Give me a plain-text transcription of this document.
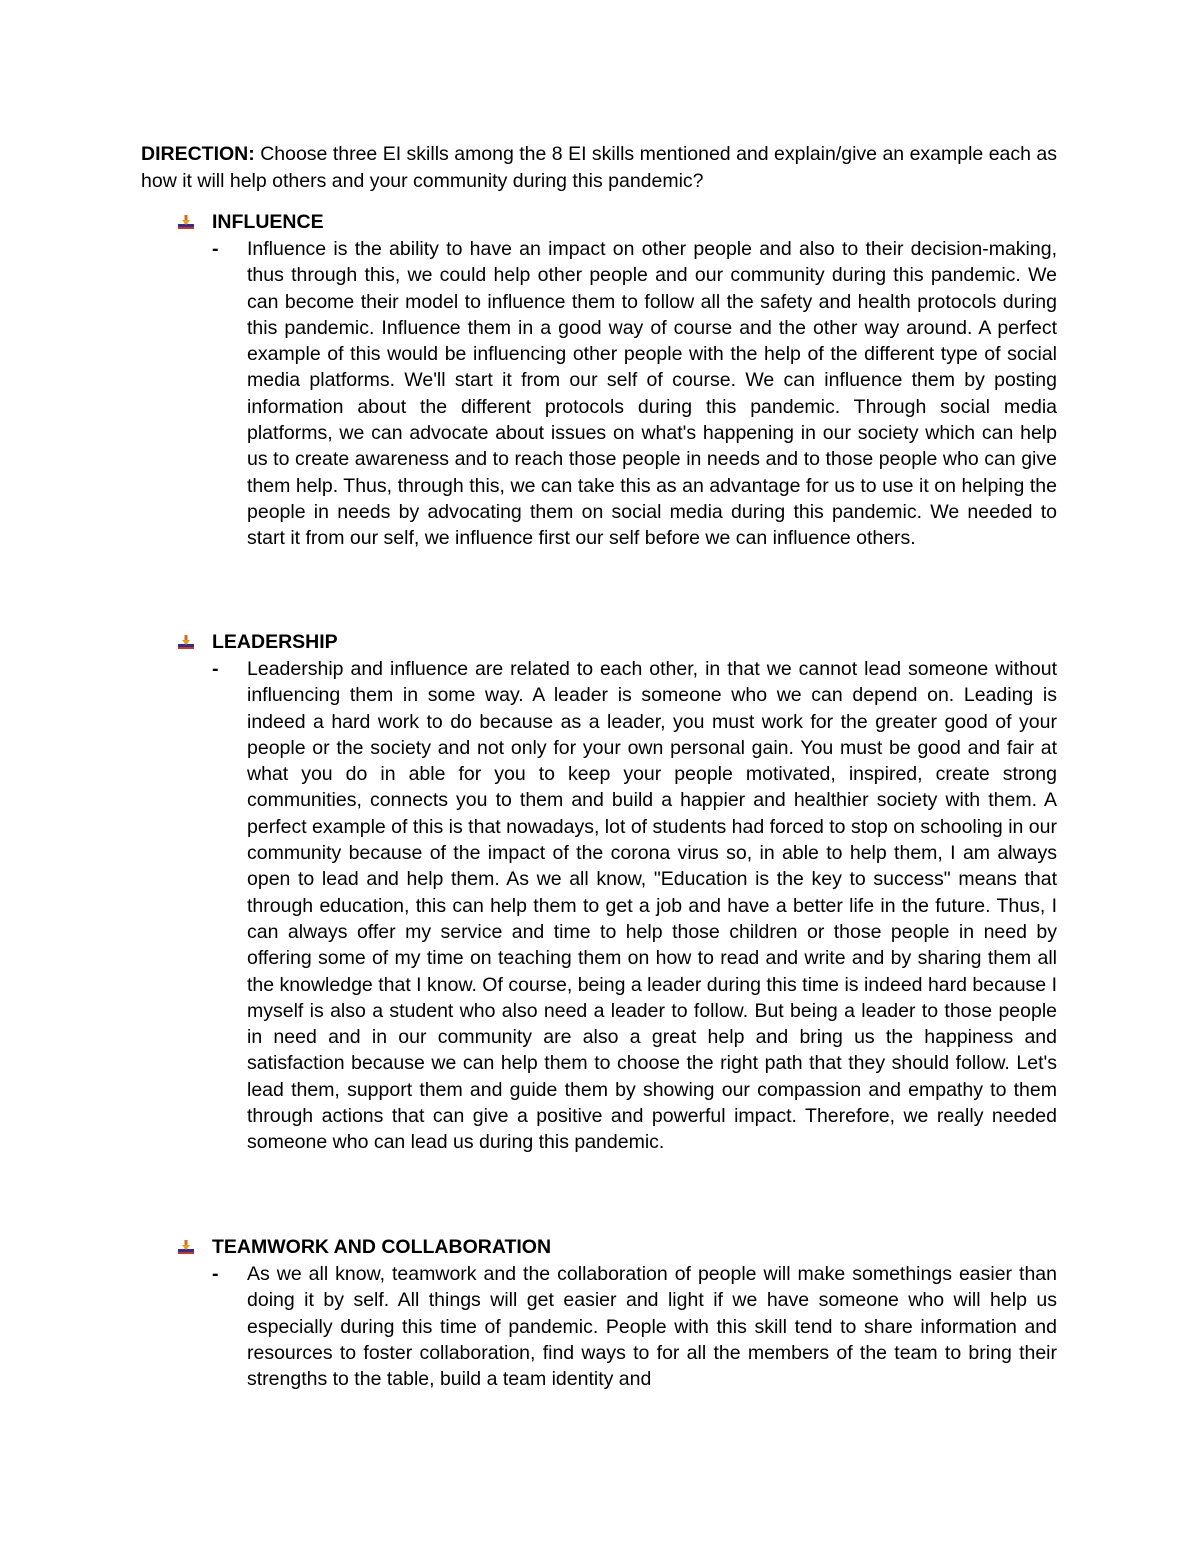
DIRECTION: Choose three EI skills among the 8 EI skills mentioned and explain/give an example each as how it will help others and your community during this pandemic?

INFLUENCE
- Influence is the ability to have an impact on other people and also to their decision-making, thus through this, we could help other people and our community during this pandemic. We can become their model to influence them to follow all the safety and health protocols during this pandemic. Influence them in a good way of course and the other way around. A perfect example of this would be influencing other people with the help of the different type of social media platforms. We'll start it from our self of course. We can influence them by posting information about the different protocols during this pandemic. Through social media platforms, we can advocate about issues on what's happening in our society which can help us to create awareness and to reach those people in needs and to those people who can give them help. Thus, through this, we can take this as an advantage for us to use it on helping the people in needs by advocating them on social media during this pandemic. We needed to start it from our self, we influence first our self before we can influence others.

LEADERSHIP
- Leadership and influence are related to each other, in that we cannot lead someone without influencing them in some way. A leader is someone who we can depend on. Leading is indeed a hard work to do because as a leader, you must work for the greater good of your people or the society and not only for your own personal gain. You must be good and fair at what you do in able for you to keep your people motivated, inspired, create strong communities, connects you to them and build a happier and healthier society with them. A perfect example of this is that nowadays, lot of students had forced to stop on schooling in our community because of the impact of the corona virus so, in able to help them, I am always open to lead and help them. As we all know, "Education is the key to success" means that through education, this can help them to get a job and have a better life in the future. Thus, I can always offer my service and time to help those children or those people in need by offering some of my time on teaching them on how to read and write and by sharing them all the knowledge that I know. Of course, being a leader during this time is indeed hard because I myself is also a student who also need a leader to follow. But being a leader to those people in need and in our community are also a great help and bring us the happiness and satisfaction because we can help them to choose the right path that they should follow. Let's lead them, support them and guide them by showing our compassion and empathy to them through actions that can give a positive and powerful impact. Therefore, we really needed someone who can lead us during this pandemic.

TEAMWORK AND COLLABORATION
- As we all know, teamwork and the collaboration of people will make somethings easier than doing it by self. All things will get easier and light if we have someone who will help us especially during this time of pandemic. People with this skill tend to share information and resources to foster collaboration, find ways to for all the members of the team to bring their strengths to the table, build a team identity and
